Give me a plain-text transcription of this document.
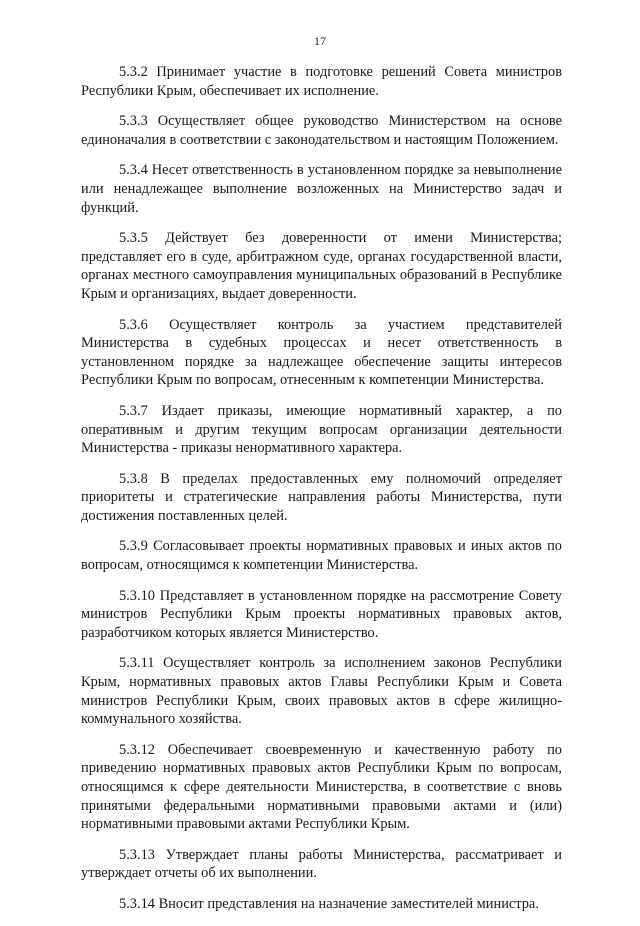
17

5.3.2 Принимает участие в подготовке решений Совета министров Республики Крым, обеспечивает их исполнение.

5.3.3 Осуществляет общее руководство Министерством на основе единоначалия в соответствии с законодательством и настоящим Положением.

5.3.4 Несет ответственность в установленном порядке за невыполнение или ненадлежащее выполнение возложенных на Министерство задач и функций.

5.3.5 Действует без доверенности от имени Министерства; представляет его в суде, арбитражном суде, органах государственной власти, органах местного самоуправления муниципальных образований в Республике Крым и организациях, выдает доверенности.

5.3.6 Осуществляет контроль за участием представителей Министерства в судебных процессах и несет ответственность в установленном порядке за надлежащее обеспечение защиты интересов Республики Крым по вопросам, отнесенным к компетенции Министерства.

5.3.7 Издает приказы, имеющие нормативный характер, а по оперативным и другим текущим вопросам организации деятельности Министерства - приказы ненормативного характера.

5.3.8 В пределах предоставленных ему полномочий определяет приоритеты и стратегические направления работы Министерства, пути достижения поставленных целей.

5.3.9 Согласовывает проекты нормативных правовых и иных актов по вопросам, относящимся к компетенции Министерства.

5.3.10 Представляет в установленном порядке на рассмотрение Совету министров Республики Крым проекты нормативных правовых актов, разработчиком которых является Министерство.

5.3.11 Осуществляет контроль за исполнением законов Республики Крым, нормативных правовых актов Главы Республики Крым и Совета министров Республики Крым, своих правовых актов в сфере жилищно-коммунального хозяйства.

5.3.12 Обеспечивает своевременную и качественную работу по приведению нормативных правовых актов Республики Крым по вопросам, относящимся к сфере деятельности Министерства, в соответствие с вновь принятыми федеральными нормативными правовыми актами и (или) нормативными правовыми актами Республики Крым.

5.3.13 Утверждает планы работы Министерства, рассматривает и утверждает отчеты об их выполнении.

5.3.14 Вносит представления на назначение заместителей министра.
